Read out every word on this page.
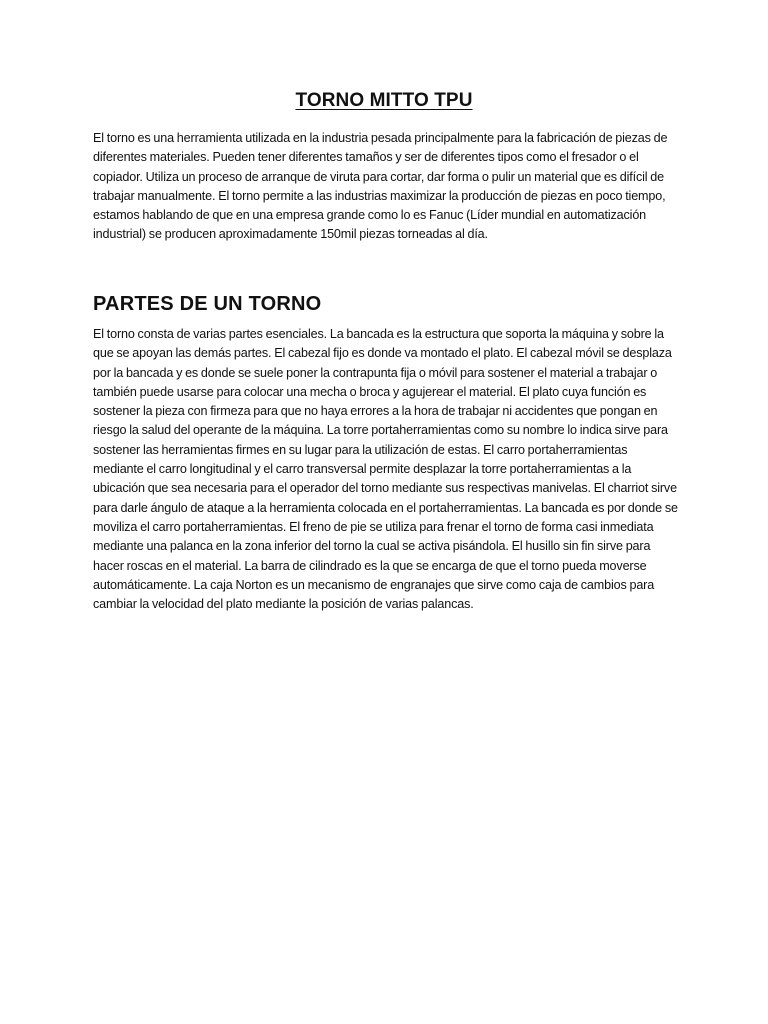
TORNO MITTO TPU

El torno es una herramienta utilizada en la industria pesada principalmente para la fabricación de piezas de diferentes materiales. Pueden tener diferentes tamaños y ser de diferentes tipos como el fresador o el copiador. Utiliza un proceso de arranque de viruta para cortar, dar forma o pulir un material que es difícil de trabajar manualmente. El torno permite a las industrias maximizar la producción de piezas en poco tiempo, estamos hablando de que en una empresa grande como lo es Fanuc (Líder mundial en automatización industrial) se producen aproximadamente 150mil piezas torneadas al día.

PARTES DE UN TORNO

El torno consta de varias partes esenciales. La bancada es la estructura que soporta la máquina y sobre la que se apoyan las demás partes. El cabezal fijo es donde va montado el plato. El cabezal móvil se desplaza por la bancada y es donde se suele poner la contrapunta fija o móvil para sostener el material a trabajar o también puede usarse para colocar una mecha o broca y agujerear el material. El plato cuya función es sostener la pieza con firmeza para que no haya errores a la hora de trabajar ni accidentes que pongan en riesgo la salud del operante de la máquina. La torre portaherramientas como su nombre lo indica sirve para sostener las herramientas firmes en su lugar para la utilización de estas. El carro portaherramientas mediante el carro longitudinal y el carro transversal permite desplazar la torre portaherramientas a la ubicación que sea necesaria para el operador del torno mediante sus respectivas manivelas. El charriot sirve para darle ángulo de ataque a la herramienta colocada en el portaherramientas. La bancada es por donde se moviliza el carro portaherramientas. El freno de pie se utiliza para frenar el torno de forma casi inmediata mediante una palanca en la zona inferior del torno la cual se activa pisándola. El husillo sin fin sirve para hacer roscas en el material. La barra de cilindrado es la que se encarga de que el torno pueda moverse automáticamente. La caja Norton es un mecanismo de engranajes que sirve como caja de cambios para cambiar la velocidad del plato mediante la posición de varias palancas.
